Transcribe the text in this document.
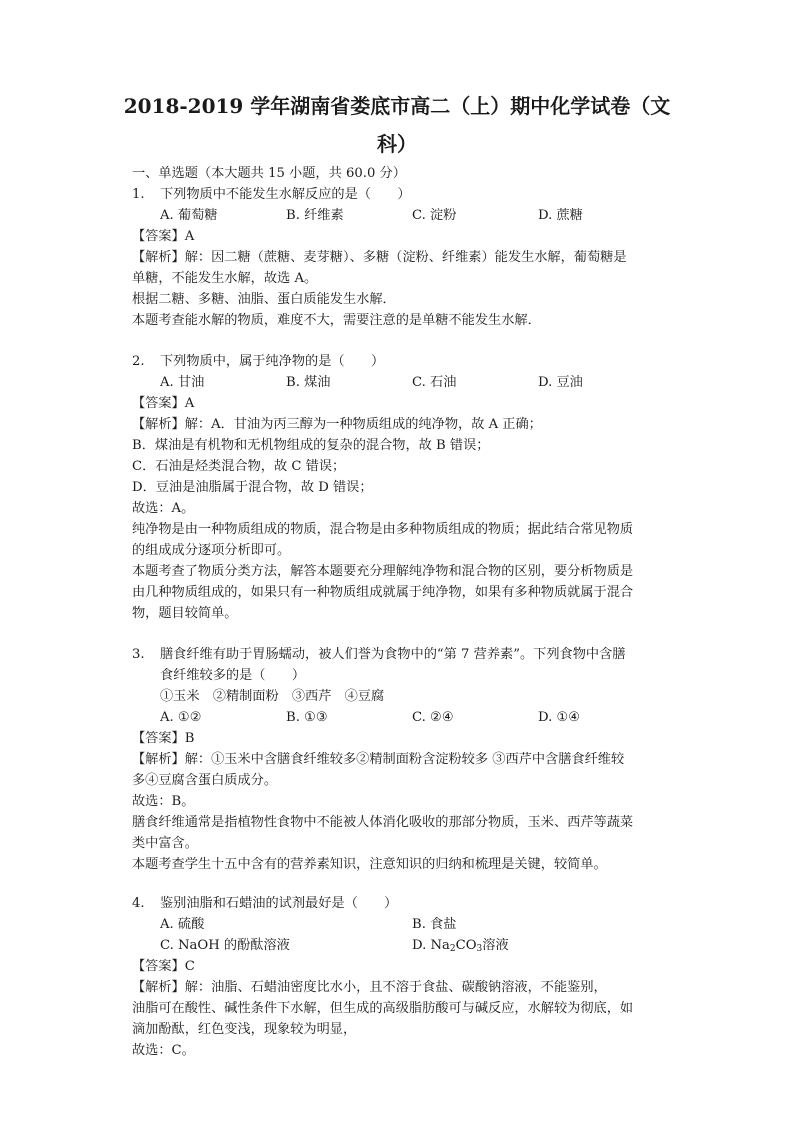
2018-2019 学年湖南省娄底市高二（上）期中化学试卷（文
科）
一、单选题（本大题共 15 小题，共 60.0 分）
1. 下列物质中不能发生水解反应的是（　　）
A. 葡萄糖	B. 纤维素	C. 淀粉	D. 蔗糖
【答案】A
【解析】解：因二糖（蔗糖、麦芽糖）、多糖（淀粉、纤维素）能发生水解，葡萄糖是
单糖，不能发生水解，故选 A。
根据二糖、多糖、油脂、蛋白质能发生水解．
本题考查能水解的物质，难度不大，需要注意的是单糖不能发生水解．
2. 下列物质中，属于纯净物的是（　　）
A. 甘油	B. 煤油	C. 石油	D. 豆油
【答案】A
【解析】解：A．甘油为丙三醇为一种物质组成的纯净物，故 A 正确；
B．煤油是有机物和无机物组成的复杂的混合物，故 B 错误；
C．石油是烃类混合物，故 C 错误；
D．豆油是油脂属于混合物，故 D 错误；
故选：A。
纯净物是由一种物质组成的物质，混合物是由多种物质组成的物质；据此结合常见物质
的组成成分逐项分析即可。
本题考查了物质分类方法，解答本题要充分理解纯净物和混合物的区别，要分析物质是
由几种物质组成的，如果只有一种物质组成就属于纯净物，如果有多种物质就属于混合
物，题目较简单。
3. 膳食纤维有助于胃肠蠕动，被人们誉为食物中的“第 7 营养素”。下列食物中含膳
食纤维较多的是（　　）
①玉米　②精制面粉　③西芹　④豆腐
A. ①②	B. ①③	C. ②④	D. ①④
【答案】B
【解析】解：①玉米中含膳食纤维较多②精制面粉含淀粉较多 ③西芹中含膳食纤维较
多④豆腐含蛋白质成分。
故选：B。
膳食纤维通常是指植物性食物中不能被人体消化吸收的那部分物质，玉米、西芹等蔬菜
类中富含。
本题考查学生十五中含有的营养素知识，注意知识的归纳和梳理是关键，较简单。
4. 鉴别油脂和石蜡油的试剂最好是（　　）
A. 硫酸	B. 食盐
C. NaOH 的酚酞溶液	D. $Na_2CO_3$溶液
【答案】C
【解析】解：油脂、石蜡油密度比水小，且不溶于食盐、碳酸钠溶液，不能鉴别，
油脂可在酸性、碱性条件下水解，但生成的高级脂肪酸可与碱反应，水解较为彻底，如
滴加酚酞，红色变浅，现象较为明显，
故选：C。
